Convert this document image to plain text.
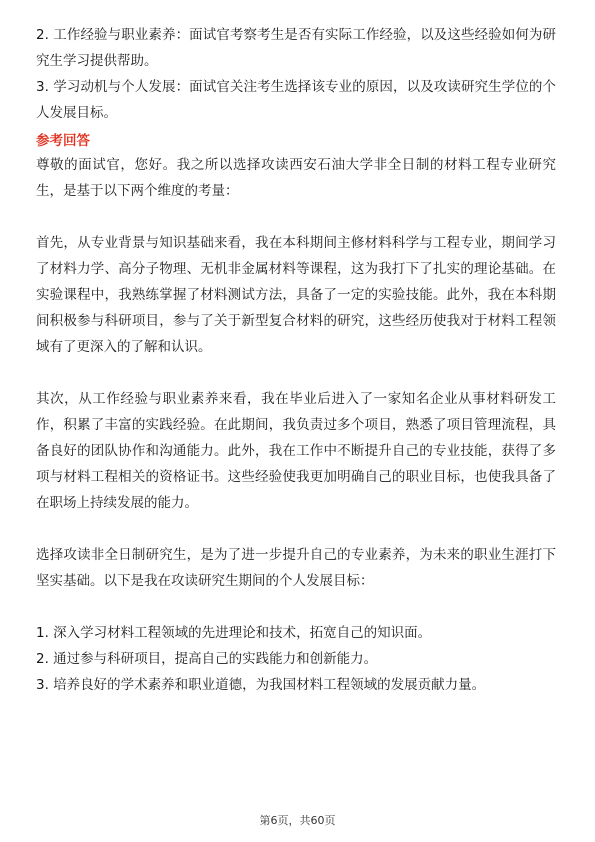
2. 工作经验与职业素养：面试官考察考生是否有实际工作经验，以及这些经验如何为研究生学习提供帮助。

3. 学习动机与个人发展：面试官关注考生选择该专业的原因，以及攻读研究生学位的个人发展目标。

参考回答

尊敬的面试官，您好。我之所以选择攻读西安石油大学非全日制的材料工程专业研究生，是基于以下两个维度的考量：

首先，从专业背景与知识基础来看，我在本科期间主修材料科学与工程专业，期间学习了材料力学、高分子物理、无机非金属材料等课程，这为我打下了扎实的理论基础。在实验课程中，我熟练掌握了材料测试方法，具备了一定的实验技能。此外，我在本科期间积极参与科研项目，参与了关于新型复合材料的研究，这些经历使我对于材料工程领域有了更深入的了解和认识。

其次，从工作经验与职业素养来看，我在毕业后进入了一家知名企业从事材料研发工作，积累了丰富的实践经验。在此期间，我负责过多个项目，熟悉了项目管理流程，具备良好的团队协作和沟通能力。此外，我在工作中不断提升自己的专业技能，获得了多项与材料工程相关的资格证书。这些经验使我更加明确自己的职业目标，也使我具备了在职场上持续发展的能力。

选择攻读非全日制研究生，是为了进一步提升自己的专业素养，为未来的职业生涯打下坚实基础。以下是我在攻读研究生期间的个人发展目标：

1. 深入学习材料工程领域的先进理论和技术，拓宽自己的知识面。

2. 通过参与科研项目，提高自己的实践能力和创新能力。

3. 培养良好的学术素养和职业道德，为我国材料工程领域的发展贡献力量。

第6页，共60页
